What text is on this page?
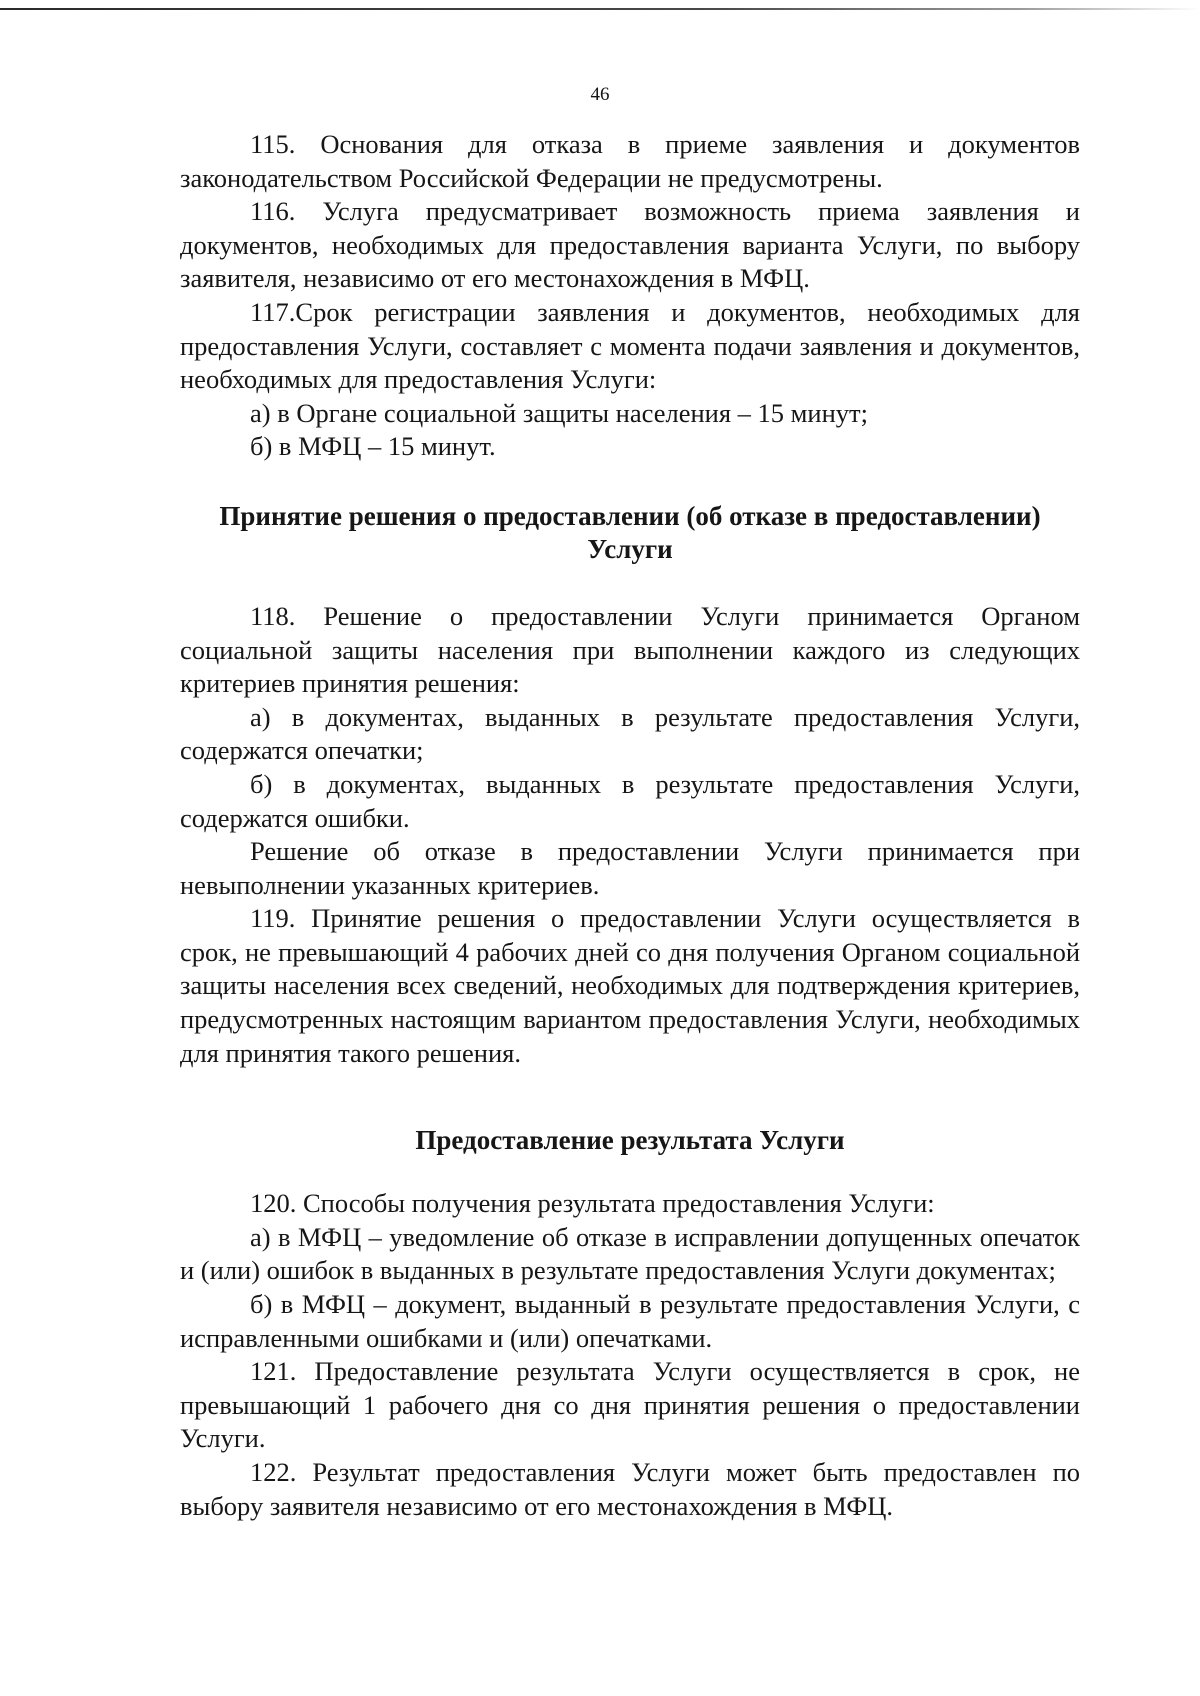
46

115. Основания для отказа в приеме заявления и документов законодательством Российской Федерации не предусмотрены.

116. Услуга предусматривает возможность приема заявления и документов, необходимых для предоставления варианта Услуги, по выбору заявителя, независимо от его местонахождения в МФЦ.

117.Срок регистрации заявления и документов, необходимых для предоставления Услуги, составляет с момента подачи заявления и документов, необходимых для предоставления Услуги:

а) в Органе социальной защиты населения – 15 минут;

б) в МФЦ – 15 минут.

Принятие решения о предоставлении (об отказе в предоставлении) Услуги

118. Решение о предоставлении Услуги принимается Органом социальной защиты населения при выполнении каждого из следующих критериев принятия решения:

а) в документах, выданных в результате предоставления Услуги, содержатся опечатки;

б) в документах, выданных в результате предоставления Услуги, содержатся ошибки.

Решение об отказе в предоставлении Услуги принимается при невыполнении указанных критериев.

119. Принятие решения о предоставлении Услуги осуществляется в срок, не превышающий 4 рабочих дней со дня получения Органом социальной защиты населения всех сведений, необходимых для подтверждения критериев, предусмотренных настоящим вариантом предоставления Услуги, необходимых для принятия такого решения.

Предоставление результата Услуги

120. Способы получения результата предоставления Услуги:

а) в МФЦ – уведомление об отказе в исправлении допущенных опечаток и (или) ошибок в выданных в результате предоставления Услуги документах;

б) в МФЦ – документ, выданный в результате предоставления Услуги, с исправленными ошибками и (или) опечатками.

121. Предоставление результата Услуги осуществляется в срок, не превышающий 1 рабочего дня со дня принятия решения о предоставлении Услуги.

122. Результат предоставления Услуги может быть предоставлен по выбору заявителя независимо от его местонахождения в МФЦ.
